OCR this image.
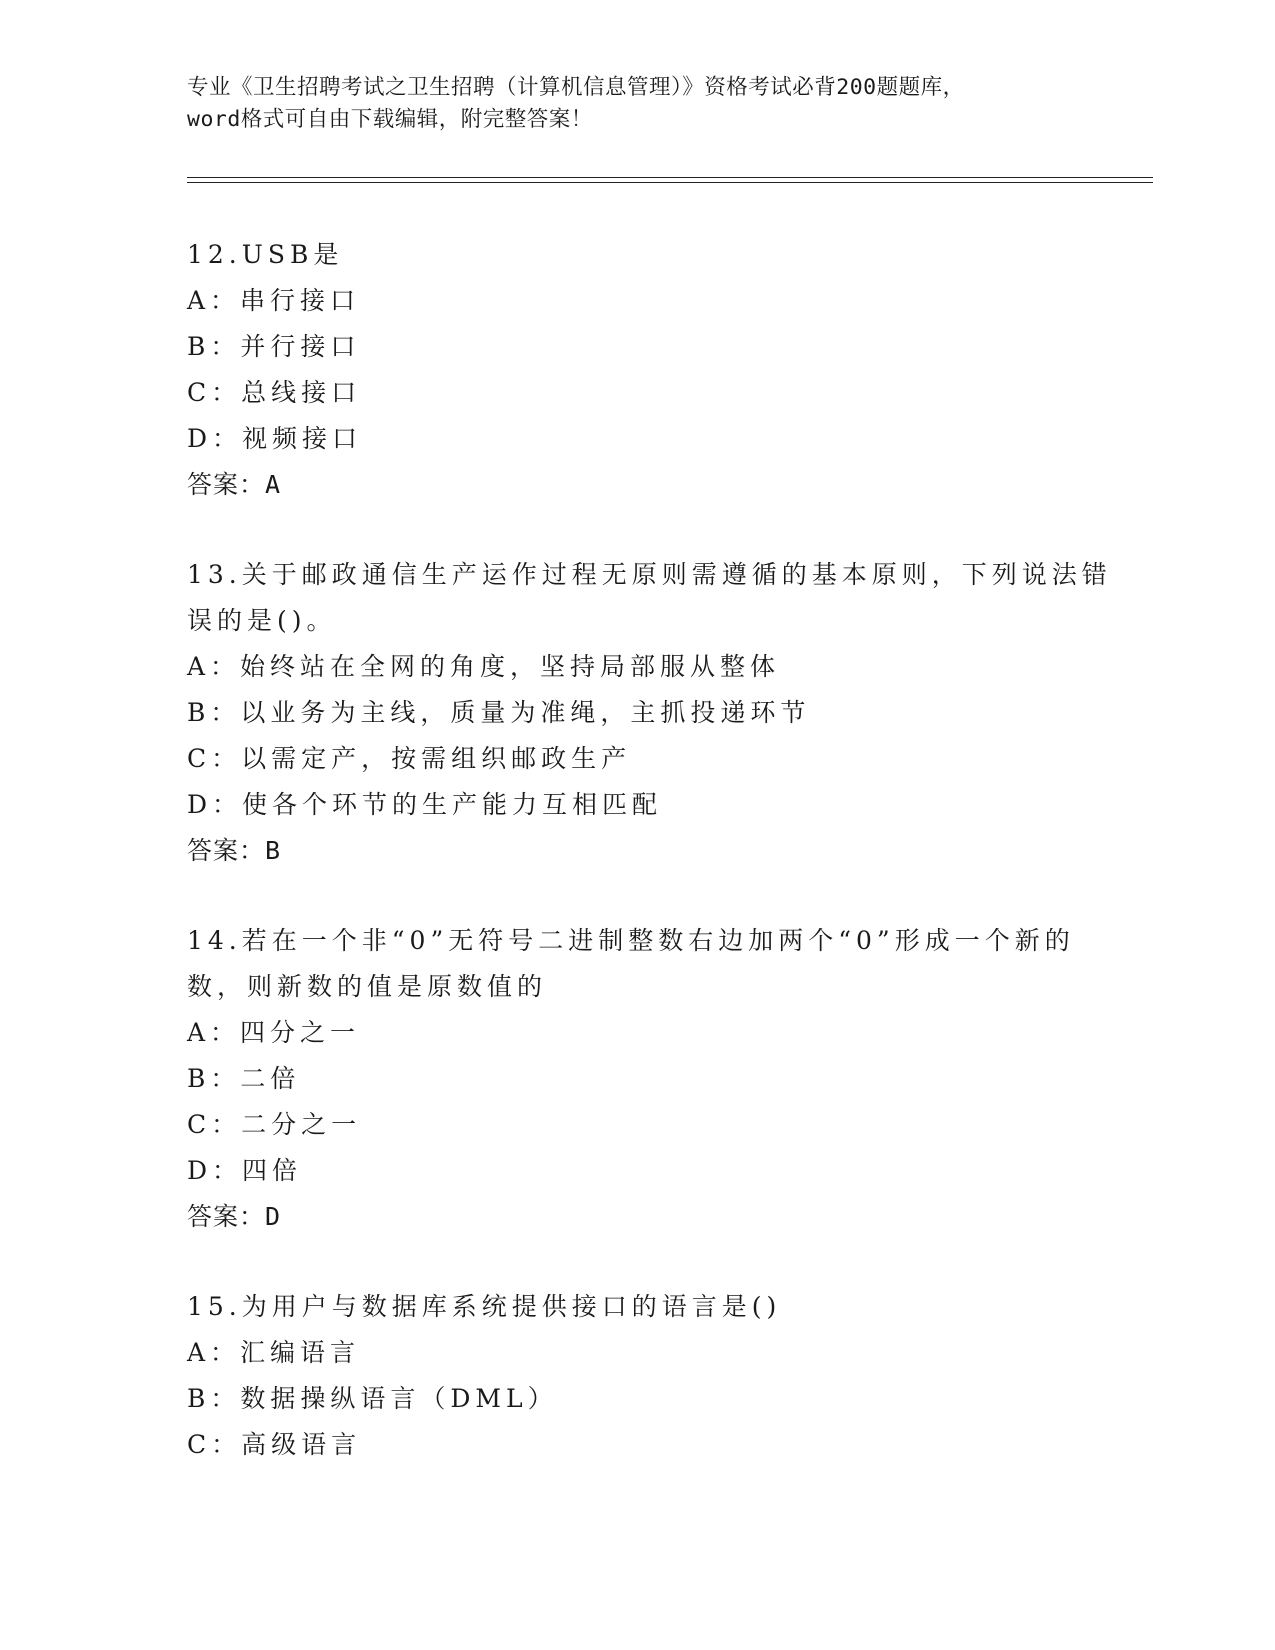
专业《卫生招聘考试之卫生招聘（计算机信息管理）》资格考试必背200题题库，
word格式可自由下载编辑，附完整答案！
12.USB是
A：串行接口
B：并行接口
C：总线接口
D：视频接口
答案：A
13.关于邮政通信生产运作过程无原则需遵循的基本原则，下列说法错
误的是()。
A：始终站在全网的角度，坚持局部服从整体
B：以业务为主线，质量为准绳，主抓投递环节
C：以需定产，按需组织邮政生产
D：使各个环节的生产能力互相匹配
答案：B
14.若在一个非“0”无符号二进制整数右边加两个“0”形成一个新的
数，则新数的值是原数值的
A：四分之一
B：二倍
C：二分之一
D：四倍
答案：D
15.为用户与数据库系统提供接口的语言是()
A：汇编语言
B：数据操纵语言（DML）
C：高级语言
